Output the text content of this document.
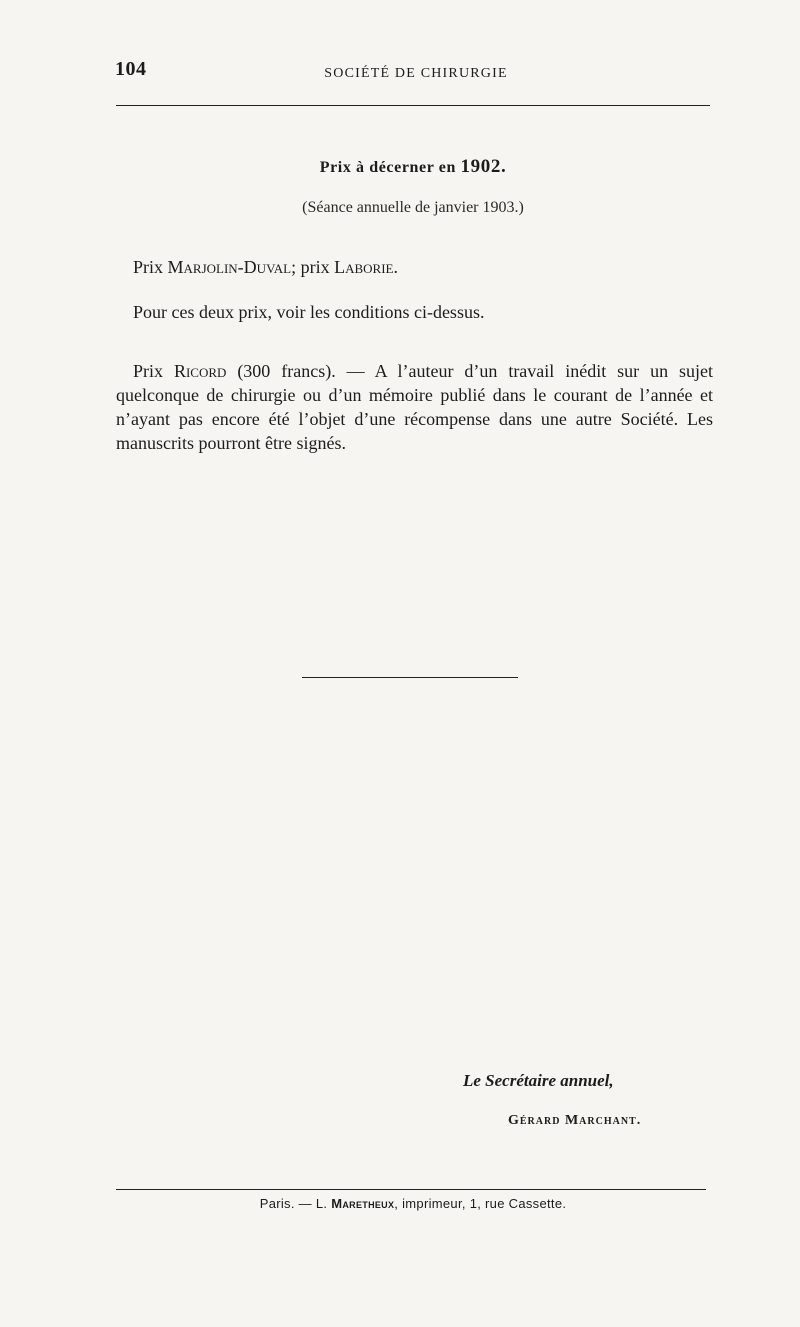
104	SOCIÉTÉ DE CHIRURGIE
Prix à décerner en 1902.
(Séance annuelle de janvier 1903.)
Prix Marjolin-Duval; prix Laborie.
Pour ces deux prix, voir les conditions ci-dessus.
Prix Ricord (300 francs). — A l’auteur d’un travail inédit sur un sujet quelconque de chirurgie ou d’un mémoire publié dans le courant de l’année et n’ayant pas encore été l’objet d’une récompense dans une autre Société. Les manuscrits pourront être signés.
Le Secrétaire annuel,
Gérard Marchant.
Paris. — L. Maretheux, imprimeur, 1, rue Cassette.
